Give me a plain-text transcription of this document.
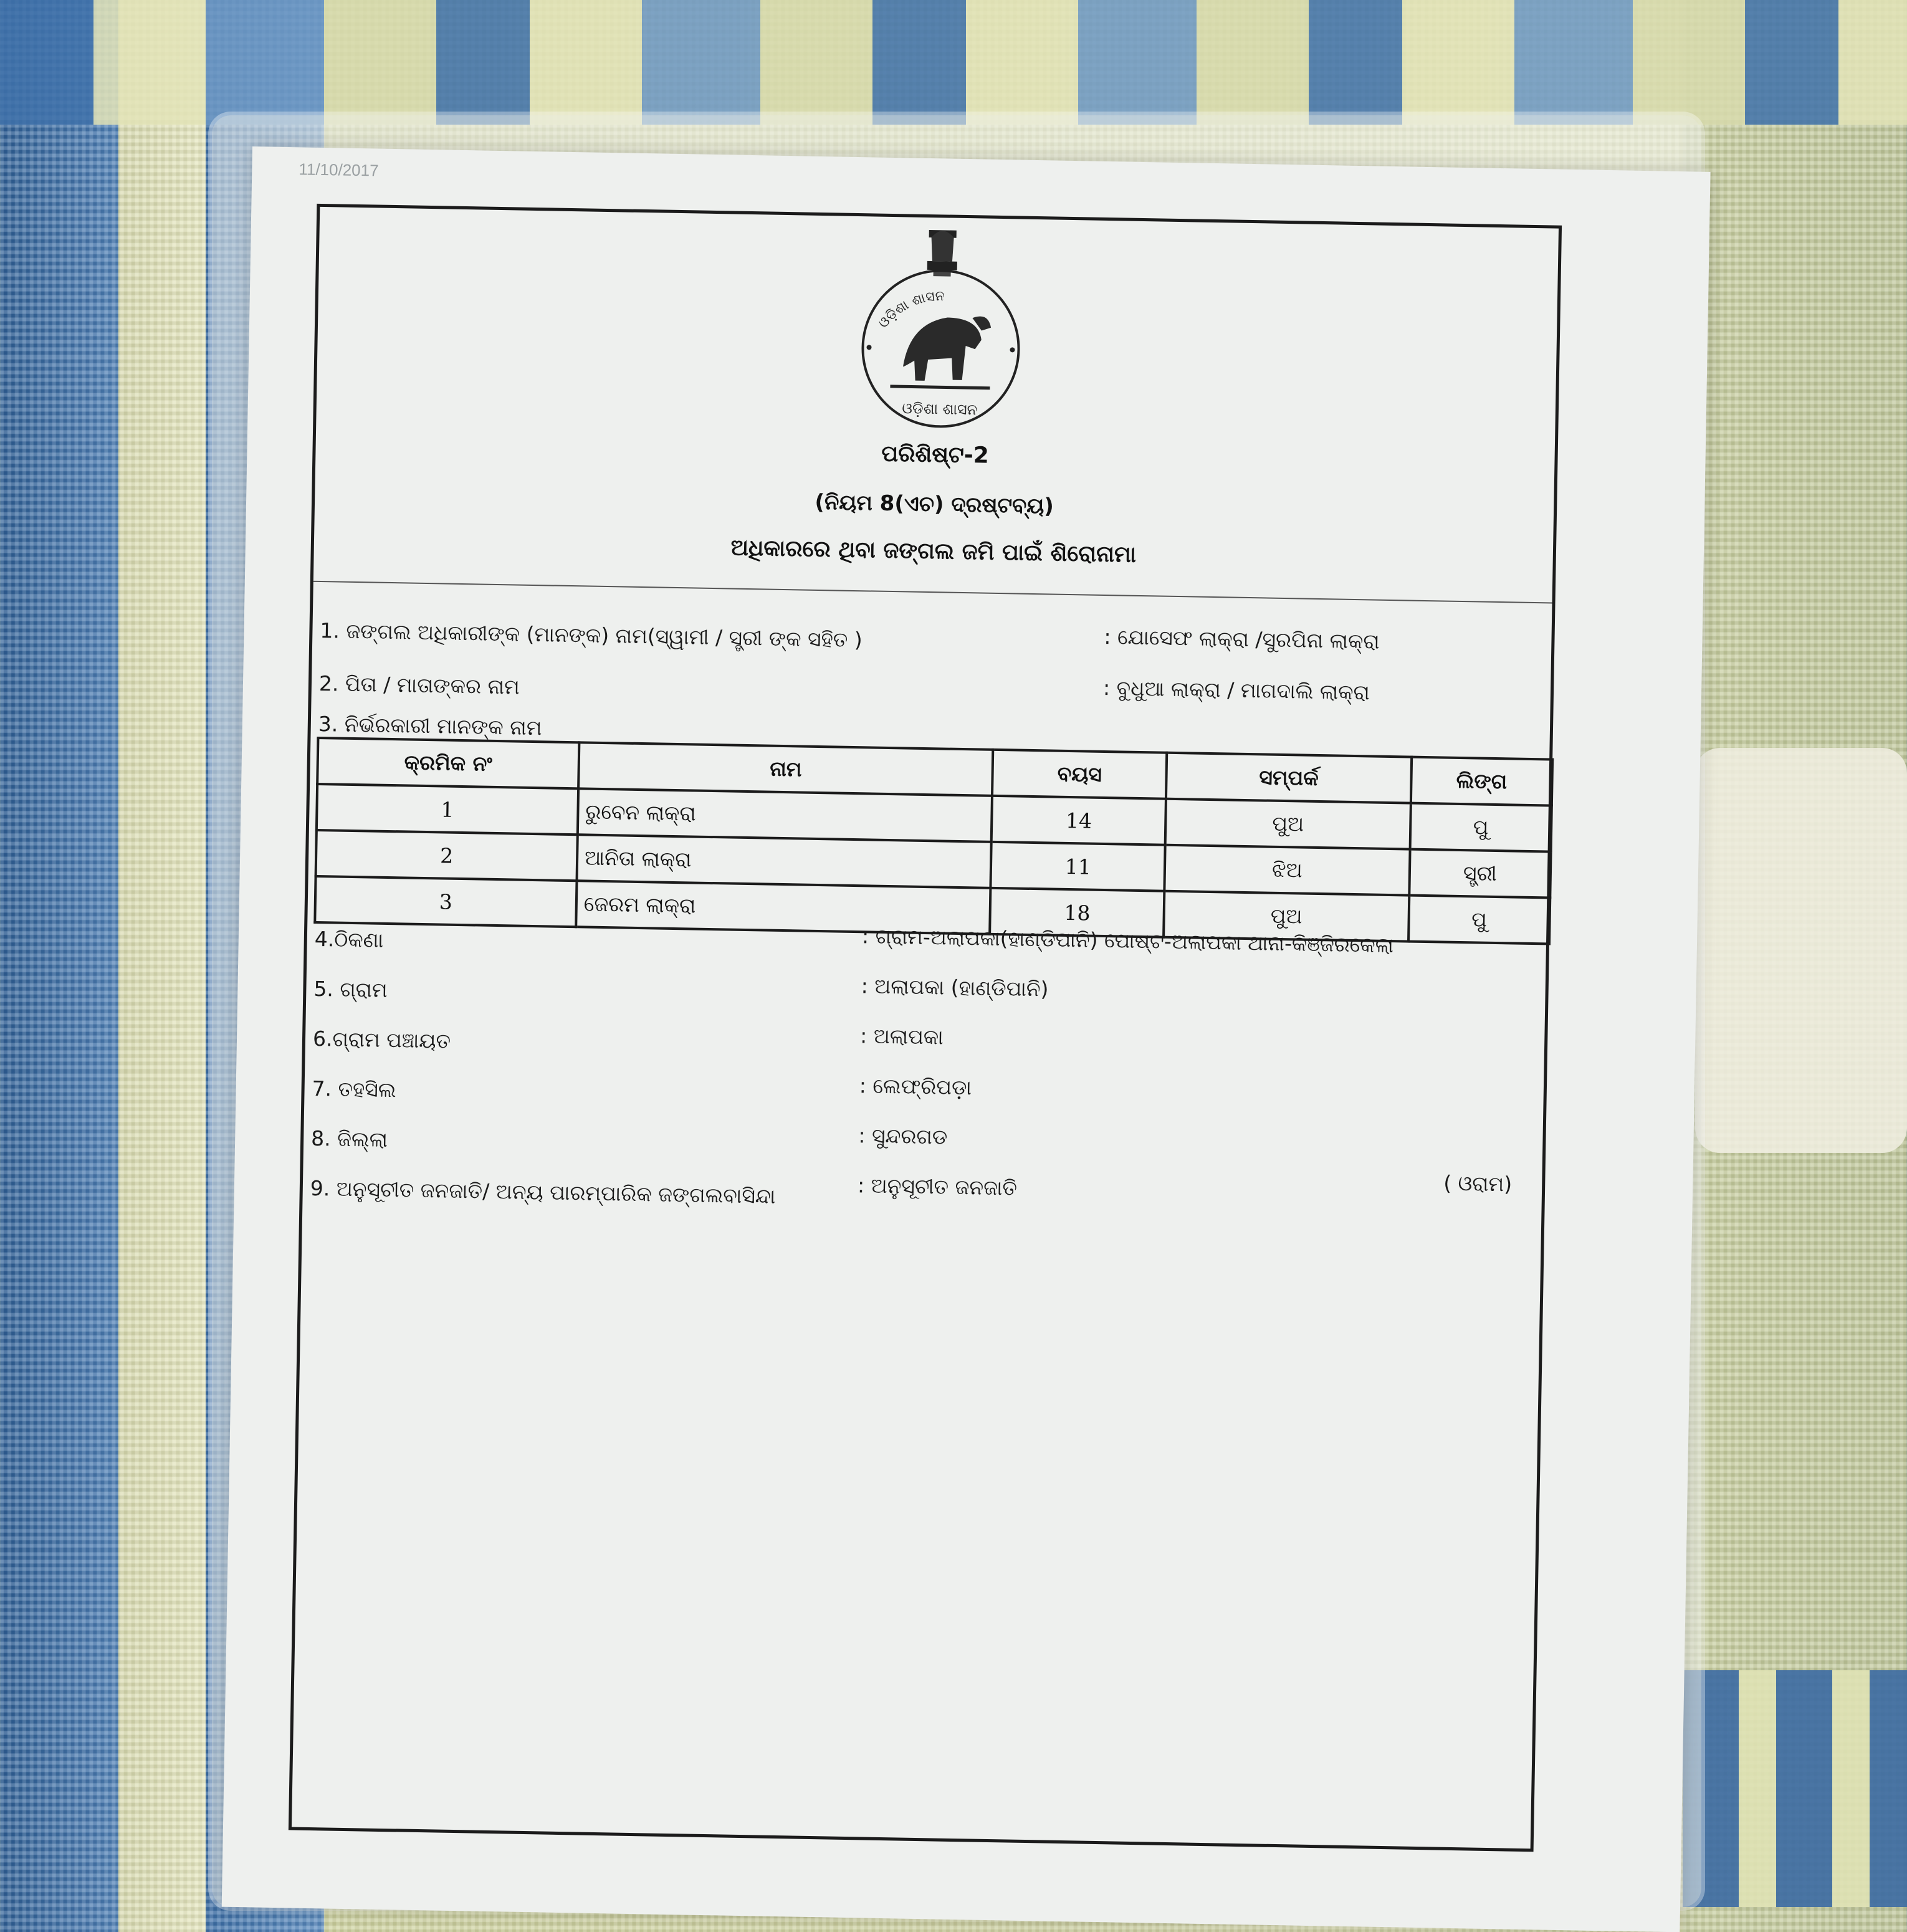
11/10/2017
ଓଡ଼ିଶା ଶାସନ
ଓଡ଼ିଶା ଶାସନ
ପରିଶିଷ୍ଟ-2
(ନିୟମ 8(ଏଚ) ଦ୍ରଷ୍ଟବ୍ୟ)
ଅଧିକାରରେ ଥିବା ଜଙ୍ଗଲ ଜମି ପାଇଁ ଶିରୋନାମା
1. ଜଙ୍ଗଲ ଅଧିକାରୀଙ୍କ (ମାନଙ୍କ) ନାମ(ସ୍ୱାମୀ / ସ୍ତ୍ରୀ ଙ୍କ ସହିତ )	: ଯୋସେଫ ଲାକ୍ରା /ସୁରପିନା ଲାକ୍ରା
2. ପିତା / ମାତାଙ୍କର ନାମ	: ବୁଧୁଆ ଲାକ୍ରା / ମାଗଦାଲି ଲାକ୍ରା
3. ନିର୍ଭରକାରୀ ମାନଙ୍କ ନାମ
କ୍ରମିକ ନଂ	ନାମ	ବୟସ	ସମ୍ପର୍କ	ଲିଙ୍ଗ
1	ରୁବେନ ଲାକ୍ରା	14	ପୁଅ	ପୁ
2	ଆନିତା ଲାକ୍ରା	11	ଝିଅ	ସ୍ତ୍ରୀ
3	ଜେରମ ଲାକ୍ରା	18	ପୁଅ	ପୁ
4.ଠିକଣା	: ଗ୍ରାମ-ଅଲାପକା(ହାଣ୍ଡିପାନି) ପୋଷ୍ଟ-ଅଲାପକା ଥାନା-କିଞ୍ଜିରକେଲା
5. ଗ୍ରାମ	: ଅଲାପକା (ହାଣ୍ଡିପାନି)
6.ଗ୍ରାମ ପଞ୍ଚାୟତ	: ଅଲାପକା
7. ତହସିଲ	: ଲେଫ୍ରିପଡ଼ା
8. ଜିଲ୍ଲା	: ସୁନ୍ଦରଗଡ
9. ଅନୁସୂଚୀତ ଜନଜାତି/ ଅନ୍ୟ ପାରମ୍ପାରିକ ଜଙ୍ଗଲବାସିନ୍ଦା	: ଅନୁସୂଚୀତ ଜନଜାତି	( ଓରାମ)
